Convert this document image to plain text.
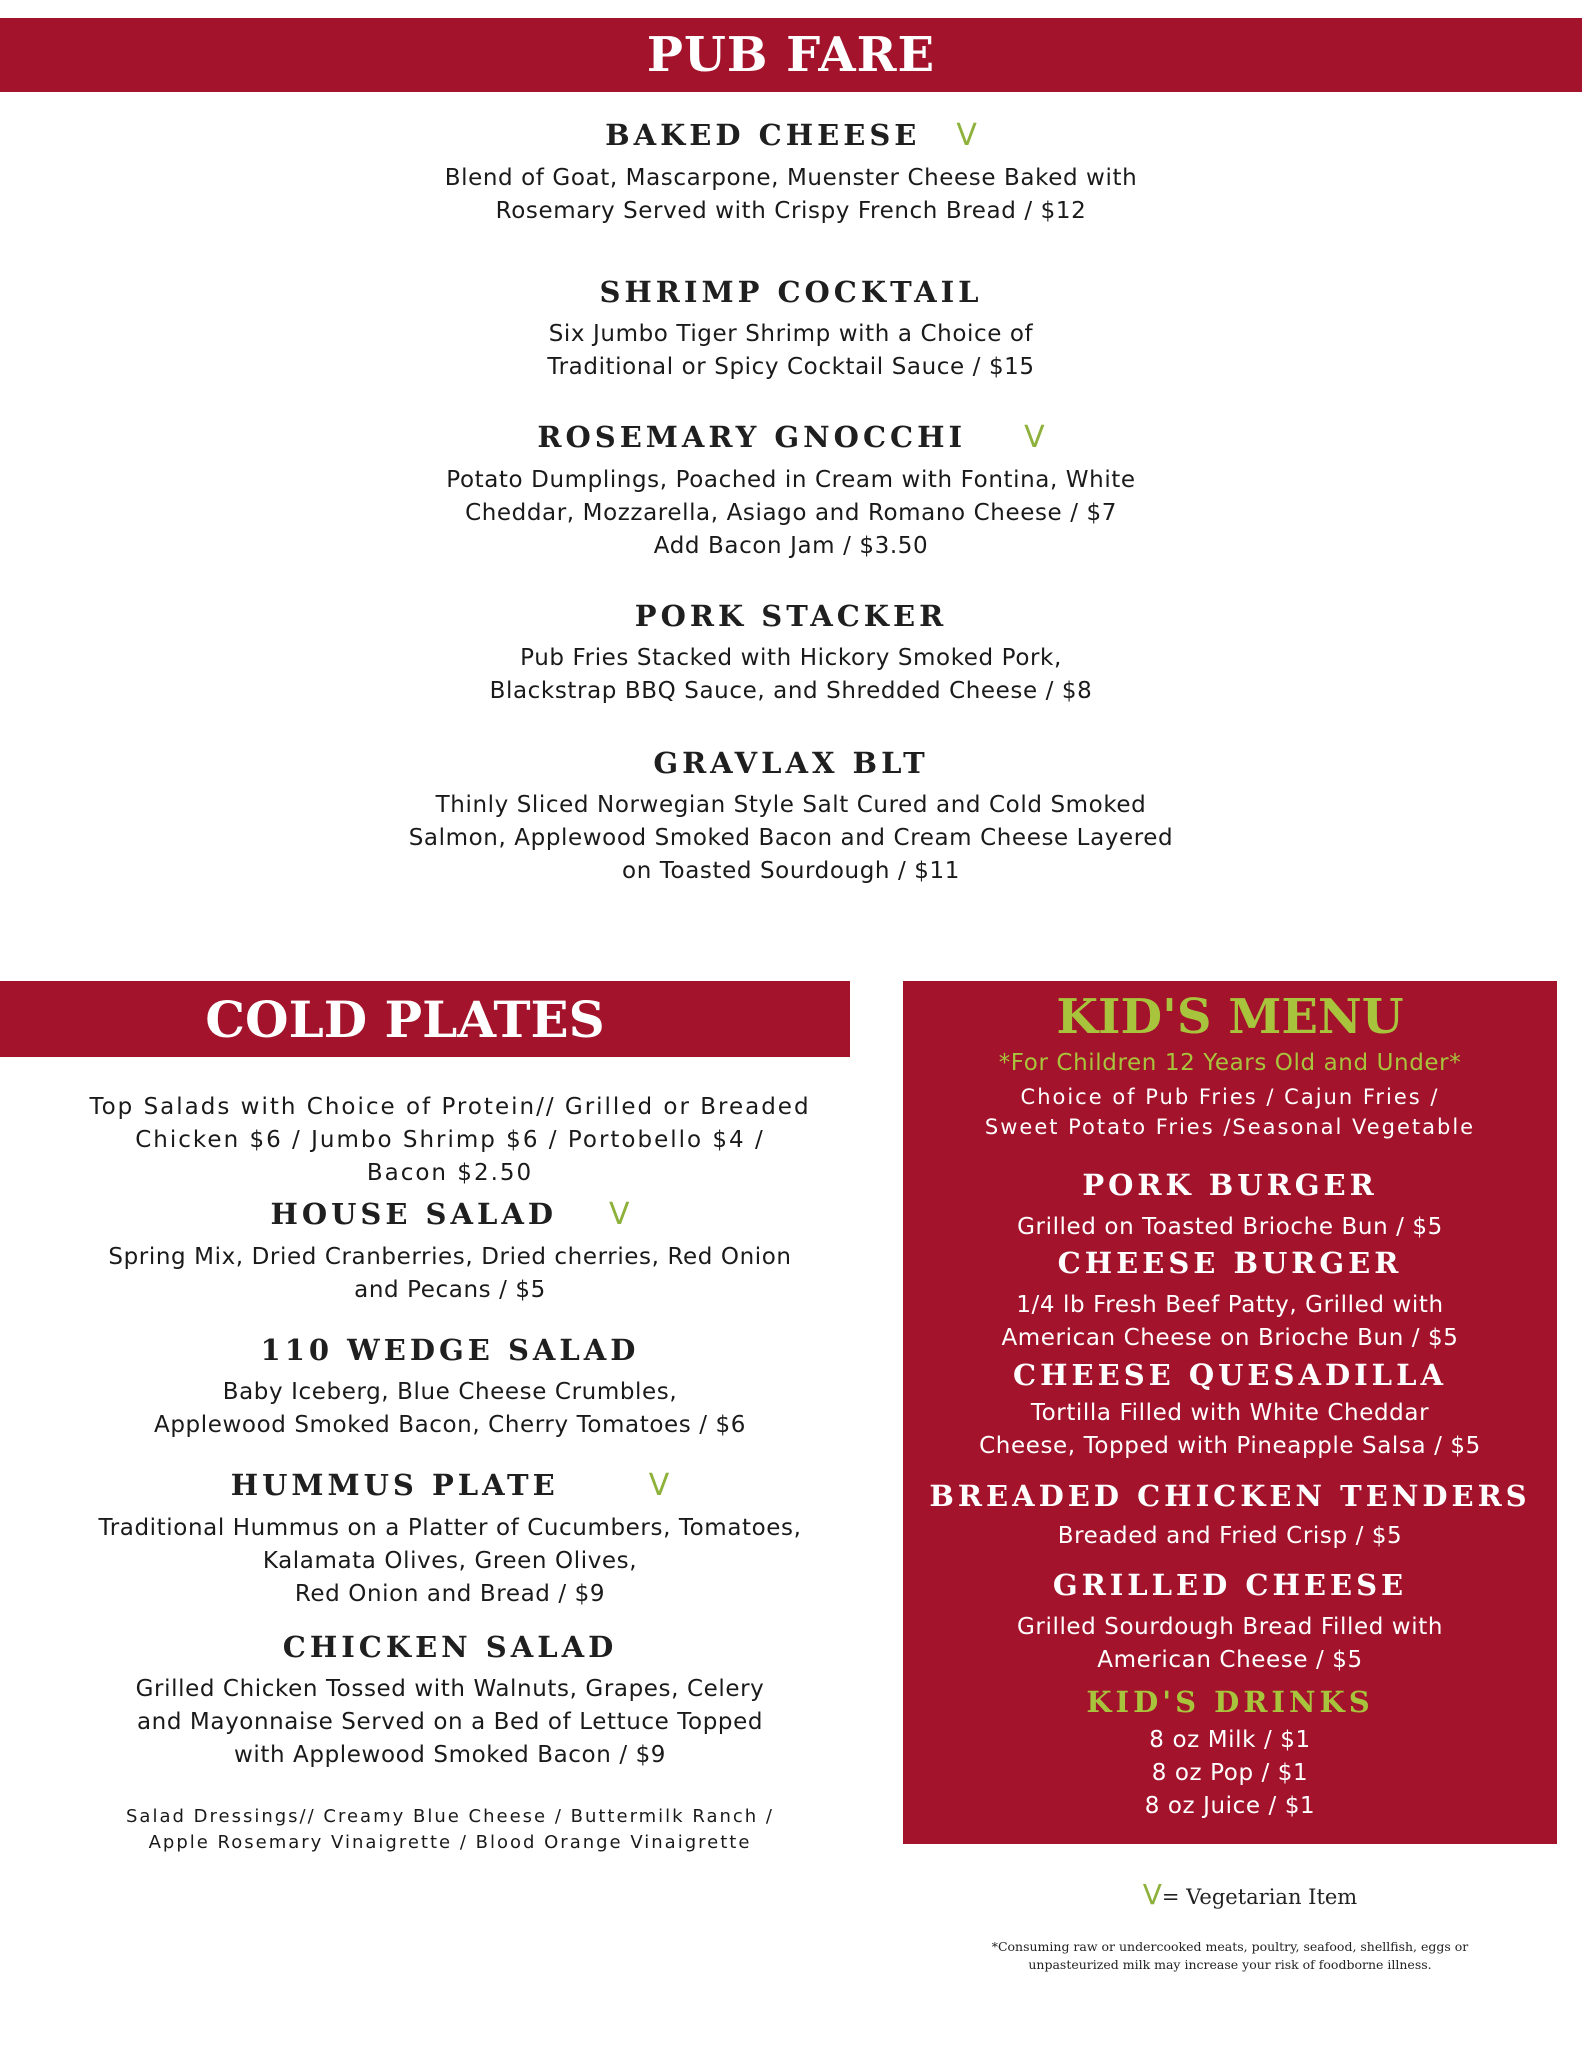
PUB FARE
BAKED CHEESE V
Blend of Goat, Mascarpone, Muenster Cheese Baked with
Rosemary Served with Crispy French Bread / $12
SHRIMP COCKTAIL
Six Jumbo Tiger Shrimp with a Choice of
Traditional or Spicy Cocktail Sauce / $15
ROSEMARY GNOCCHI V
Potato Dumplings, Poached in Cream with Fontina, White
Cheddar, Mozzarella, Asiago and Romano Cheese / $7
Add Bacon Jam / $3.50
PORK STACKER
Pub Fries Stacked with Hickory Smoked Pork,
Blackstrap BBQ Sauce, and Shredded Cheese / $8
GRAVLAX BLT
Thinly Sliced Norwegian Style Salt Cured and Cold Smoked
Salmon, Applewood Smoked Bacon and Cream Cheese Layered
on Toasted Sourdough / $11
COLD PLATES
Top Salads with Choice of Protein// Grilled or Breaded
Chicken $6 / Jumbo Shrimp $6 / Portobello $4 /
Bacon $2.50
HOUSE SALAD V
Spring Mix, Dried Cranberries, Dried cherries, Red Onion
and Pecans / $5
110 WEDGE SALAD
Baby Iceberg, Blue Cheese Crumbles,
Applewood Smoked Bacon, Cherry Tomatoes / $6
HUMMUS PLATE	V
Traditional Hummus on a Platter of Cucumbers, Tomatoes,
Kalamata Olives, Green Olives,
Red Onion and Bread / $9
CHICKEN SALAD
Grilled Chicken Tossed with Walnuts, Grapes, Celery
and Mayonnaise Served on a Bed of Lettuce Topped
with Applewood Smoked Bacon / $9
Salad Dressings// Creamy Blue Cheese / Buttermilk Ranch /
Apple Rosemary Vinaigrette / Blood Orange Vinaigrette
KID'S MENU
*For Children 12 Years Old and Under*
Choice of Pub Fries / Cajun Fries /
Sweet Potato Fries /Seasonal Vegetable
PORK BURGER
Grilled on Toasted Brioche Bun / $5
CHEESE BURGER
1/4 lb Fresh Beef Patty, Grilled with
American Cheese on Brioche Bun / $5
CHEESE QUESADILLA
Tortilla Filled with White Cheddar
Cheese, Topped with Pineapple Salsa / $5
BREADED CHICKEN TENDERS
Breaded and Fried Crisp / $5
GRILLED CHEESE
Grilled Sourdough Bread Filled with
American Cheese / $5
KID'S DRINKS
8 oz Milk / $1
8 oz Pop / $1
8 oz Juice / $1
V= Vegetarian Item
*Consuming raw or undercooked meats, poultry, seafood, shellfish, eggs or
unpasteurized milk may increase your risk of foodborne illness.
